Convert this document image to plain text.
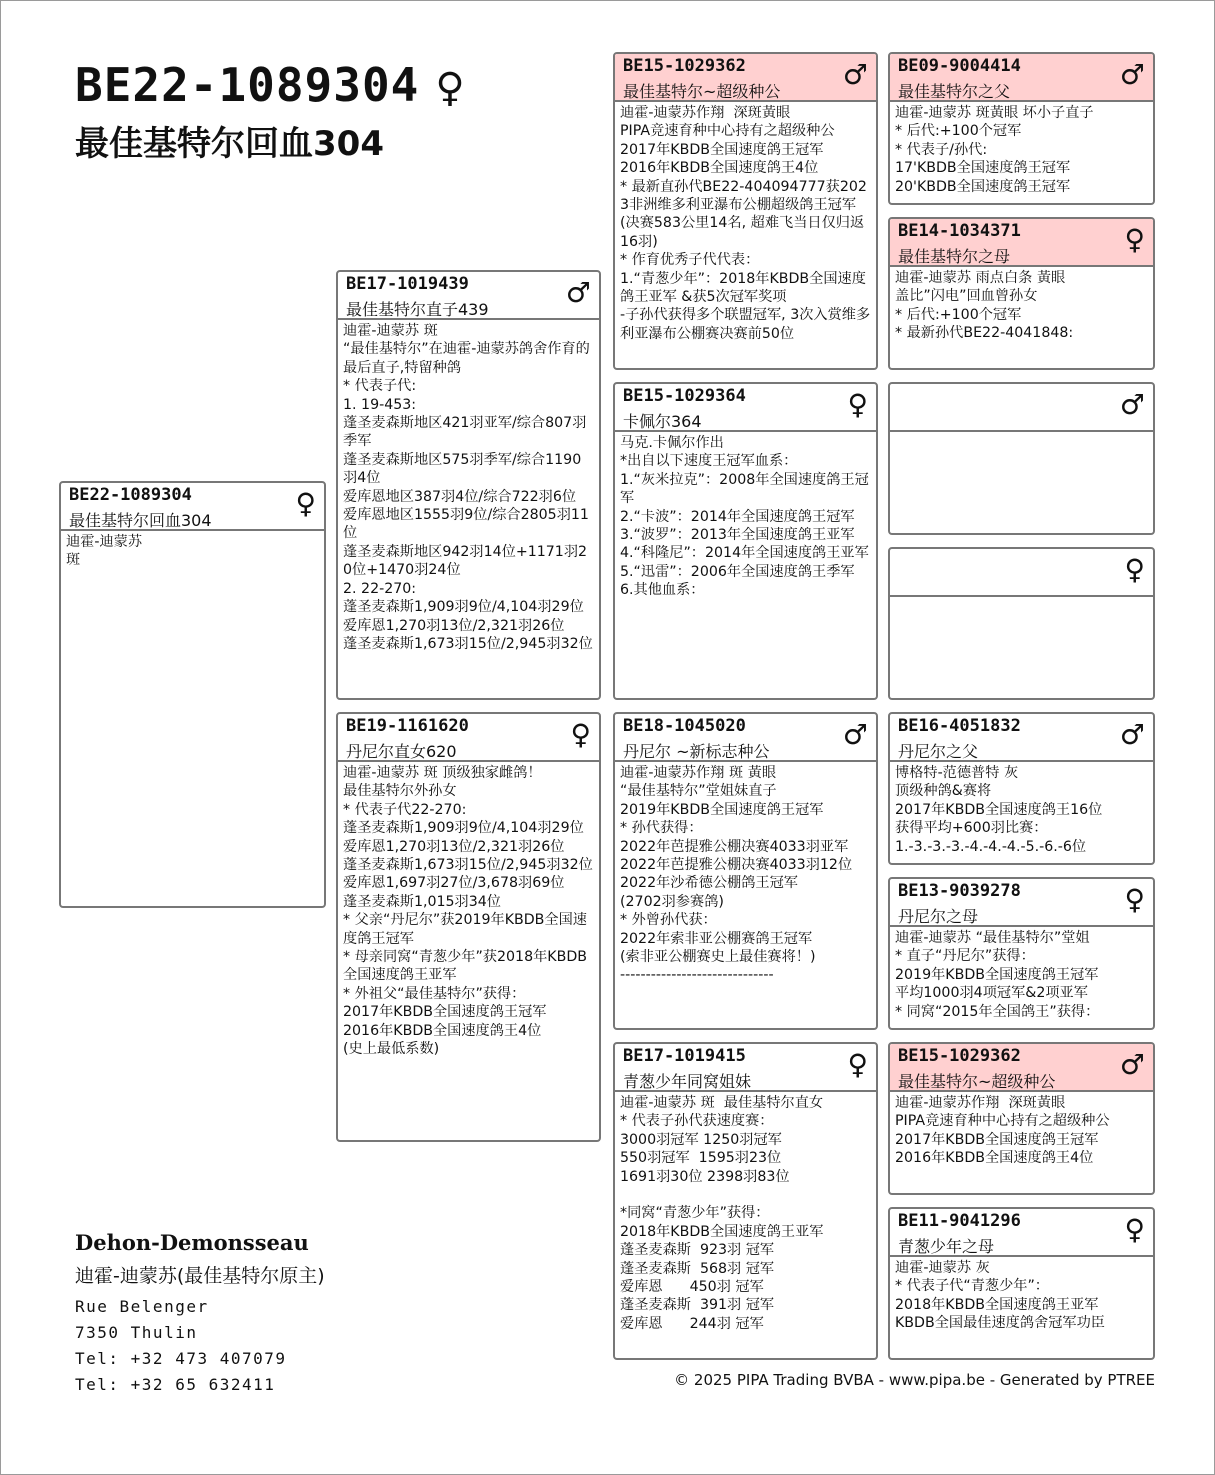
BE22-1089304 ♀
最佳基特尔回血304
BE22-1089304
最佳基特尔回血304
♀
迪霍-迪蒙苏
斑
BE17-1019439
最佳基特尔直子439
♂
迪霍-迪蒙苏 斑
“最佳基特尔”在迪霍-迪蒙苏鸽舍作育的最后直子,特留种鸽
* 代表子代:
1. 19-453:
蓬圣麦森斯地区421羽亚军/综合807羽季军
蓬圣麦森斯地区575羽季军/综合1190羽4位
爱库恩地区387羽4位/综合722羽6位
爱库恩地区1555羽9位/综合2805羽11位
蓬圣麦森斯地区942羽14位+1171羽20位+1470羽24位
2. 22-270:
蓬圣麦森斯1,909羽9位/4,104羽29位
爱库恩1,270羽13位/2,321羽26位
蓬圣麦森斯1,673羽15位/2,945羽32位
BE19-1161620
丹尼尔直女620
♀
迪霍-迪蒙苏 斑 顶级独家雌鸽！
最佳基特尔外孙女
* 代表子代22-270:
蓬圣麦森斯1,909羽9位/4,104羽29位
爱库恩1,270羽13位/2,321羽26位
蓬圣麦森斯1,673羽15位/2,945羽32位
爱库恩1,697羽27位/3,678羽69位
蓬圣麦森斯1,015羽34位
* 父亲“丹尼尔”获2019年KBDB全国速度鸽王冠军
* 母亲同窝“青葱少年”获2018年KBDB全国速度鸽王亚军
* 外祖父“最佳基特尔”获得：
2017年KBDB全国速度鸽王冠军
2016年KBDB全国速度鸽王4位
(史上最低系数)
BE15-1029362
最佳基特尔~超级种公
♂
迪霍-迪蒙苏作翔  深斑黃眼
PIPA竞速育种中心持有之超级种公
2017年KBDB全国速度鸽王冠军
2016年KBDB全国速度鸽王4位
* 最新直孙代BE22-404094777获2023非洲维多利亚瀑布公棚超级鸽王冠军(决赛583公里14名, 超难飞当日仅归返16羽)
* 作育优秀子代代表：
1.“青葱少年”：2018年KBDB全国速度鸽王亚军 &获5次冠军奖项
-子孙代获得多个联盟冠军, 3次入赏维多利亚瀑布公棚赛决赛前50位
BE15-1029364
卡佩尔364
♀
马克.卡佩尔作出
*出自以下速度王冠军血系：
1.“灰米拉克”：2008年全国速度鸽王冠军
2.“卡波”：2014年全国速度鸽王冠军
3.“波罗”：2013年全国速度鸽王亚军
4.“科隆尼”：2014年全国速度鸽王亚军
5.“迅雷”：2006年全国速度鸽王季军
6.其他血系：
BE18-1045020
丹尼尔 ~新标志种公
♂
迪霍-迪蒙苏作翔 斑 黃眼
“最佳基特尔”堂姐妹直子
2019年KBDB全国速度鸽王冠军
* 孙代获得：
2022年芭提雅公棚决赛4033羽亚军
2022年芭提雅公棚决赛4033羽12位
2022年沙希德公棚鸽王冠军
(2702羽参赛鸽)
* 外曾孙代获：
2022年索非亚公棚赛鸽王冠军
(索非亚公棚赛史上最佳赛将！)
------------------------------
BE17-1019415
青葱少年同窝姐妹
♀
迪霍-迪蒙苏 斑  最佳基特尔直女
* 代表子孙代获速度赛：
3000羽冠军 1250羽冠军
550羽冠军  1595羽23位
1691羽30位 2398羽83位

*同窝“青葱少年”获得：
2018年KBDB全国速度鸽王亚军
蓬圣麦森斯  923羽 冠军
蓬圣麦森斯  568羽 冠军
爱库恩      450羽 冠军
蓬圣麦森斯  391羽 冠军
爱库恩      244羽 冠军
BE09-9004414
最佳基特尔之父
♂
迪霍-迪蒙苏 斑黃眼 坏小子直子
* 后代:+100个冠军
* 代表子/孙代:
17'KBDB全国速度鸽王冠军
20'KBDB全国速度鸽王冠军
BE14-1034371
最佳基特尔之母
♀
迪霍-迪蒙苏 雨点白条 黃眼
盖比”闪电”回血曾孙女
* 后代:+100个冠军
* 最新孙代BE22-4041848:
♂
♀
BE16-4051832
丹尼尔之父
♂
博格特-范德普特 灰
顶级种鸽&赛将
2017年KBDB全国速度鸽王16位
获得平均+600羽比赛：
1.-3.-3.-3.-4.-4.-4.-5.-6.-6位
BE13-9039278
丹尼尔之母
♀
迪霍-迪蒙苏 “最佳基特尔”堂姐
* 直子“丹尼尔”获得：
2019年KBDB全国速度鸽王冠军
平均1000羽4项冠军&2项亚军
* 同窝“2015年全国鸽王”获得：
BE15-1029362
最佳基特尔~超级种公
♂
迪霍-迪蒙苏作翔  深斑黃眼
PIPA竞速育种中心持有之超级种公
2017年KBDB全国速度鸽王冠军
2016年KBDB全国速度鸽王4位
BE11-9041296
青葱少年之母
♀
迪霍-迪蒙苏 灰
* 代表子代“青葱少年”：
2018年KBDB全国速度鸽王亚军
KBDB全国最佳速度鸽舍冠军功臣
Dehon-Demonsseau
迪霍-迪蒙苏(最佳基特尔原主)
Rue Belenger
7350 Thulin
Tel: +32 473 407079
Tel: +32 65 632411	© 2025 PIPA Trading BVBA - www.pipa.be - Generated by PTREE
